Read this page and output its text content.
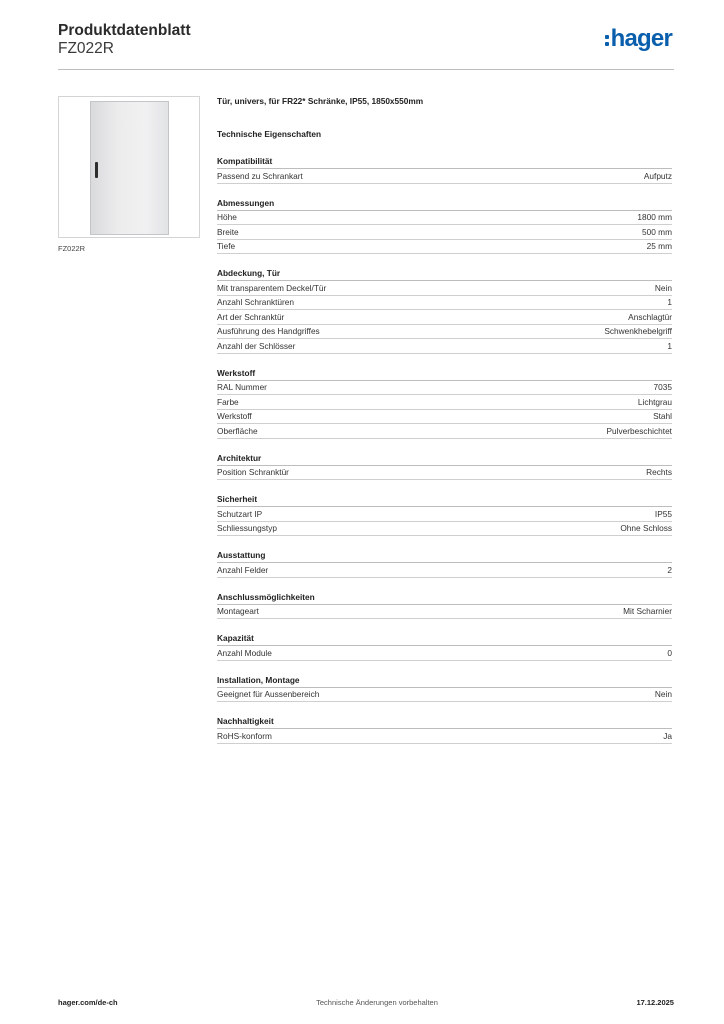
Produktdatenblatt
FZ022R	hager
FZ022R
Tür, univers, für FR22* Schränke, IP55, 1850x550mm
Technische Eigenschaften
Kompatibilität
Passend zu Schrankart	Aufputz
Abmessungen
Höhe	1800 mm
Breite	500 mm
Tiefe	25 mm
Abdeckung, Tür
Mit transparentem Deckel/Tür	Nein
Anzahl Schranktüren	1
Art der Schranktür	Anschlagtür
Ausführung des Handgriffes	Schwenkhebelgriff
Anzahl der Schlösser	1
Werkstoff
RAL Nummer	7035
Farbe	Lichtgrau
Werkstoff	Stahl
Oberfläche	Pulverbeschichtet
Architektur
Position Schranktür	Rechts
Sicherheit
Schutzart IP	IP55
Schliessungstyp	Ohne Schloss
Ausstattung
Anzahl Felder	2
Anschlussmöglichkeiten
Montageart	Mit Scharnier
Kapazität
Anzahl Module	0
Installation, Montage
Geeignet für Aussenbereich	Nein
Nachhaltigkeit
RoHS-konform	Ja
hager.com/de-ch	Technische Änderungen vorbehalten	17.12.2025
